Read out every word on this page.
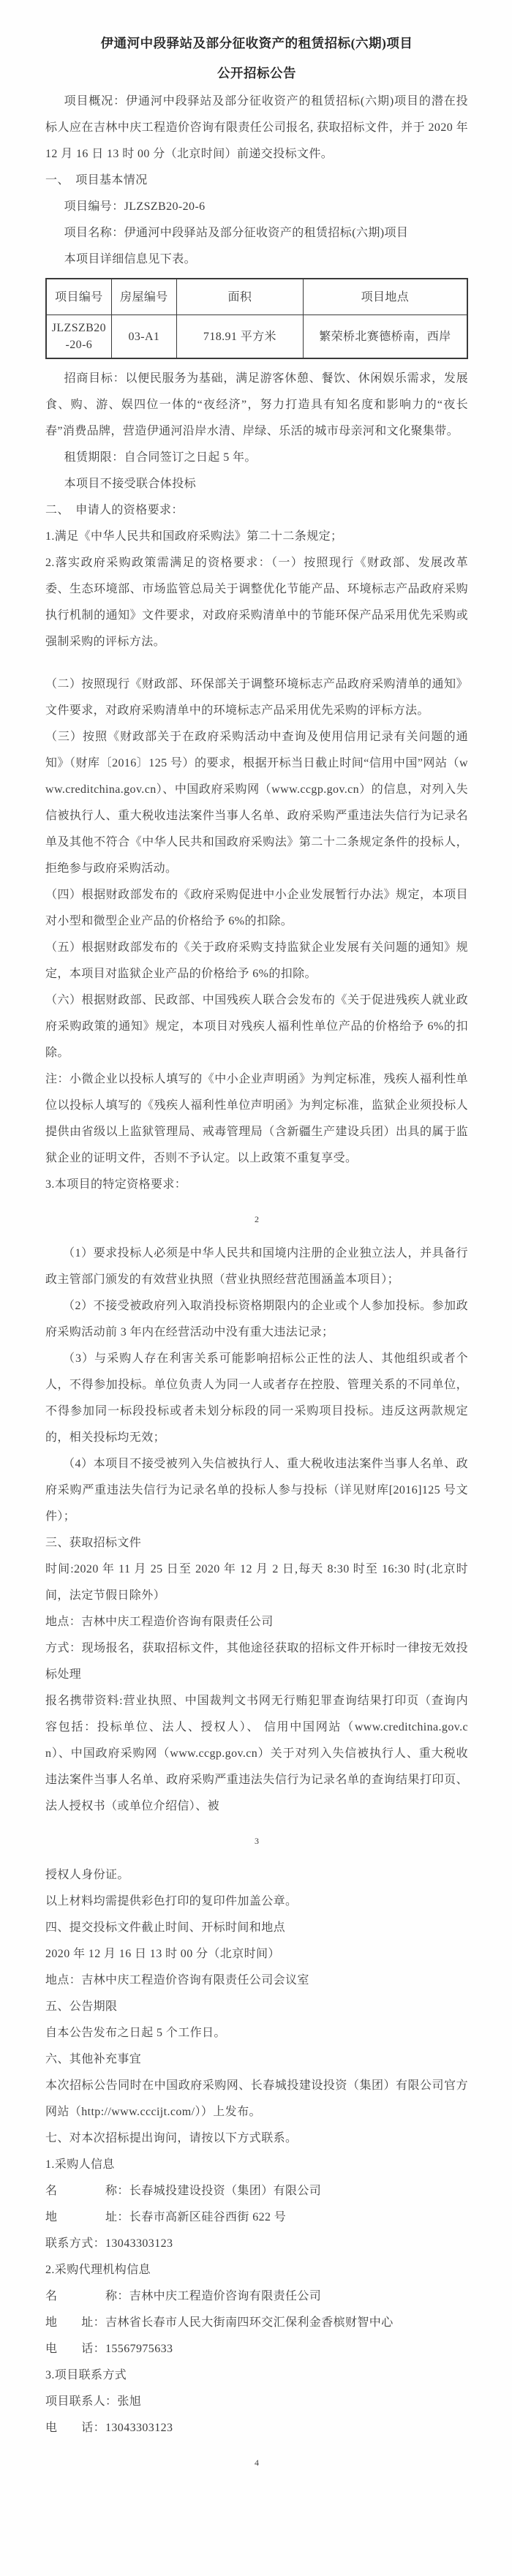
伊通河中段驿站及部分征收资产的租赁招标(六期)项目
公开招标公告

项目概况：伊通河中段驿站及部分征收资产的租赁招标(六期)项目的潜在投标人应在吉林中庆工程造价咨询有限责任公司报名, 获取招标文件，并于 2020 年 12 月 16 日 13 时 00 分（北京时间）前递交投标文件。

一、　项目基本情况

项目编号：JLZSZB20-20-6

项目名称：伊通河中段驿站及部分征收资产的租赁招标(六期)项目

本项目详细信息见下表。

项目编号	房屋编号	面积	项目地点
JLZSZB20-20-6	03-A1	718.91 平方米	繁荣桥北赛德桥南，西岸

招商目标：以便民服务为基础，满足游客休憩、餐饮、休闲娱乐需求，发展食、购、游、娱四位一体的“夜经济”，努力打造具有知名度和影响力的“夜长春”消费品牌，营造伊通河沿岸水清、岸绿、乐活的城市母亲河和文化聚集带。

租赁期限：自合同签订之日起 5 年。

本项目不接受联合体投标

二、　申请人的资格要求：

1.满足《中华人民共和国政府采购法》第二十二条规定；

2.落实政府采购政策需满足的资格要求：（一）按照现行《财政部、发展改革委、生态环境部、市场监管总局关于调整优化节能产品、环境标志产品政府采购执行机制的通知》文件要求，对政府采购清单中的节能环保产品采用优先采购或强制采购的评标方法。

（二）按照现行《财政部、环保部关于调整环境标志产品政府采购清单的通知》文件要求，对政府采购清单中的环境标志产品采用优先采购的评标方法。

（三）按照《财政部关于在政府采购活动中查询及使用信用记录有关问题的通知》（财库〔2016〕125 号）的要求，根据开标当日截止时间“信用中国”网站（www.creditchina.gov.cn）、中国政府采购网（www.ccgp.gov.cn）的信息，对列入失信被执行人、重大税收违法案件当事人名单、政府采购严重违法失信行为记录名单及其他不符合《中华人民共和国政府采购法》第二十二条规定条件的投标人，拒绝参与政府采购活动。

（四）根据财政部发布的《政府采购促进中小企业发展暂行办法》规定，本项目对小型和微型企业产品的价格给予 6%的扣除。

（五）根据财政部发布的《关于政府采购支持监狱企业发展有关问题的通知》规定，本项目对监狱企业产品的价格给予 6%的扣除。

（六）根据财政部、民政部、中国残疾人联合会发布的《关于促进残疾人就业政府采购政策的通知》规定，本项目对残疾人福利性单位产品的价格给予 6%的扣除。

注：小微企业以投标人填写的《中小企业声明函》为判定标准，残疾人福利性单位以投标人填写的《残疾人福利性单位声明函》为判定标准，监狱企业须投标人提供由省级以上监狱管理局、戒毒管理局（含新疆生产建设兵团）出具的属于监狱企业的证明文件，否则不予认定。以上政策不重复享受。

3.本项目的特定资格要求：

2

（1）要求投标人必须是中华人民共和国境内注册的企业独立法人，并具备行政主管部门颁发的有效营业执照（营业执照经营范围涵盖本项目）；

（2）不接受被政府列入取消投标资格期限内的企业或个人参加投标。参加政府采购活动前 3 年内在经营活动中没有重大违法记录；

（3）与采购人存在利害关系可能影响招标公正性的法人、其他组织或者个人，不得参加投标。单位负责人为同一人或者存在控股、管理关系的不同单位，不得参加同一标段投标或者未划分标段的同一采购项目投标。违反这两款规定的，相关投标均无效；

（4）本项目不接受被列入失信被执行人、重大税收违法案件当事人名单、政府采购严重违法失信行为记录名单的投标人参与投标（详见财库[2016]125 号文件）；

三、获取招标文件

时间:2020 年 11 月 25 日至 2020 年 12 月 2 日,每天 8:30 时至 16:30 时(北京时间，法定节假日除外）

地点：吉林中庆工程造价咨询有限责任公司

方式：现场报名，获取招标文件，其他途径获取的招标文件开标时一律按无效投标处理

报名携带资料:营业执照、中国裁判文书网无行贿犯罪查询结果打印页（查询内容包括：投标单位、法人、授权人）、 信用中国网站（www.creditchina.gov.cn）、中国政府采购网（www.ccgp.gov.cn）关于对列入失信被执行人、重大税收违法案件当事人名单、政府采购严重违法失信行为记录名单的查询结果打印页、法人授权书（或单位介绍信）、被

3

授权人身份证。

以上材料均需提供彩色打印的复印件加盖公章。

四、提交投标文件截止时间、开标时间和地点

2020 年 12 月 16 日 13 时 00 分（北京时间）

地点：吉林中庆工程造价咨询有限责任公司会议室

五、公告期限

自本公告发布之日起 5 个工作日。

六、其他补充事宜

本次招标公告同时在中国政府采购网、长春城投建设投资（集团）有限公司官方网站（http://www.cccijt.com/））上发布。

七、对本次招标提出询问，请按以下方式联系。

1.采购人信息

名　　　　称：长春城投建设投资（集团）有限公司

地　　　　址：长春市高新区硅谷西街 622 号

联系方式：13043303123

2.采购代理机构信息

名　　　　称：吉林中庆工程造价咨询有限责任公司

地　　址：吉林省长春市人民大街南四环交汇保利金香槟财智中心

电　　话：15567975633

3.项目联系方式

项目联系人：张旭

电　　话：13043303123

4
